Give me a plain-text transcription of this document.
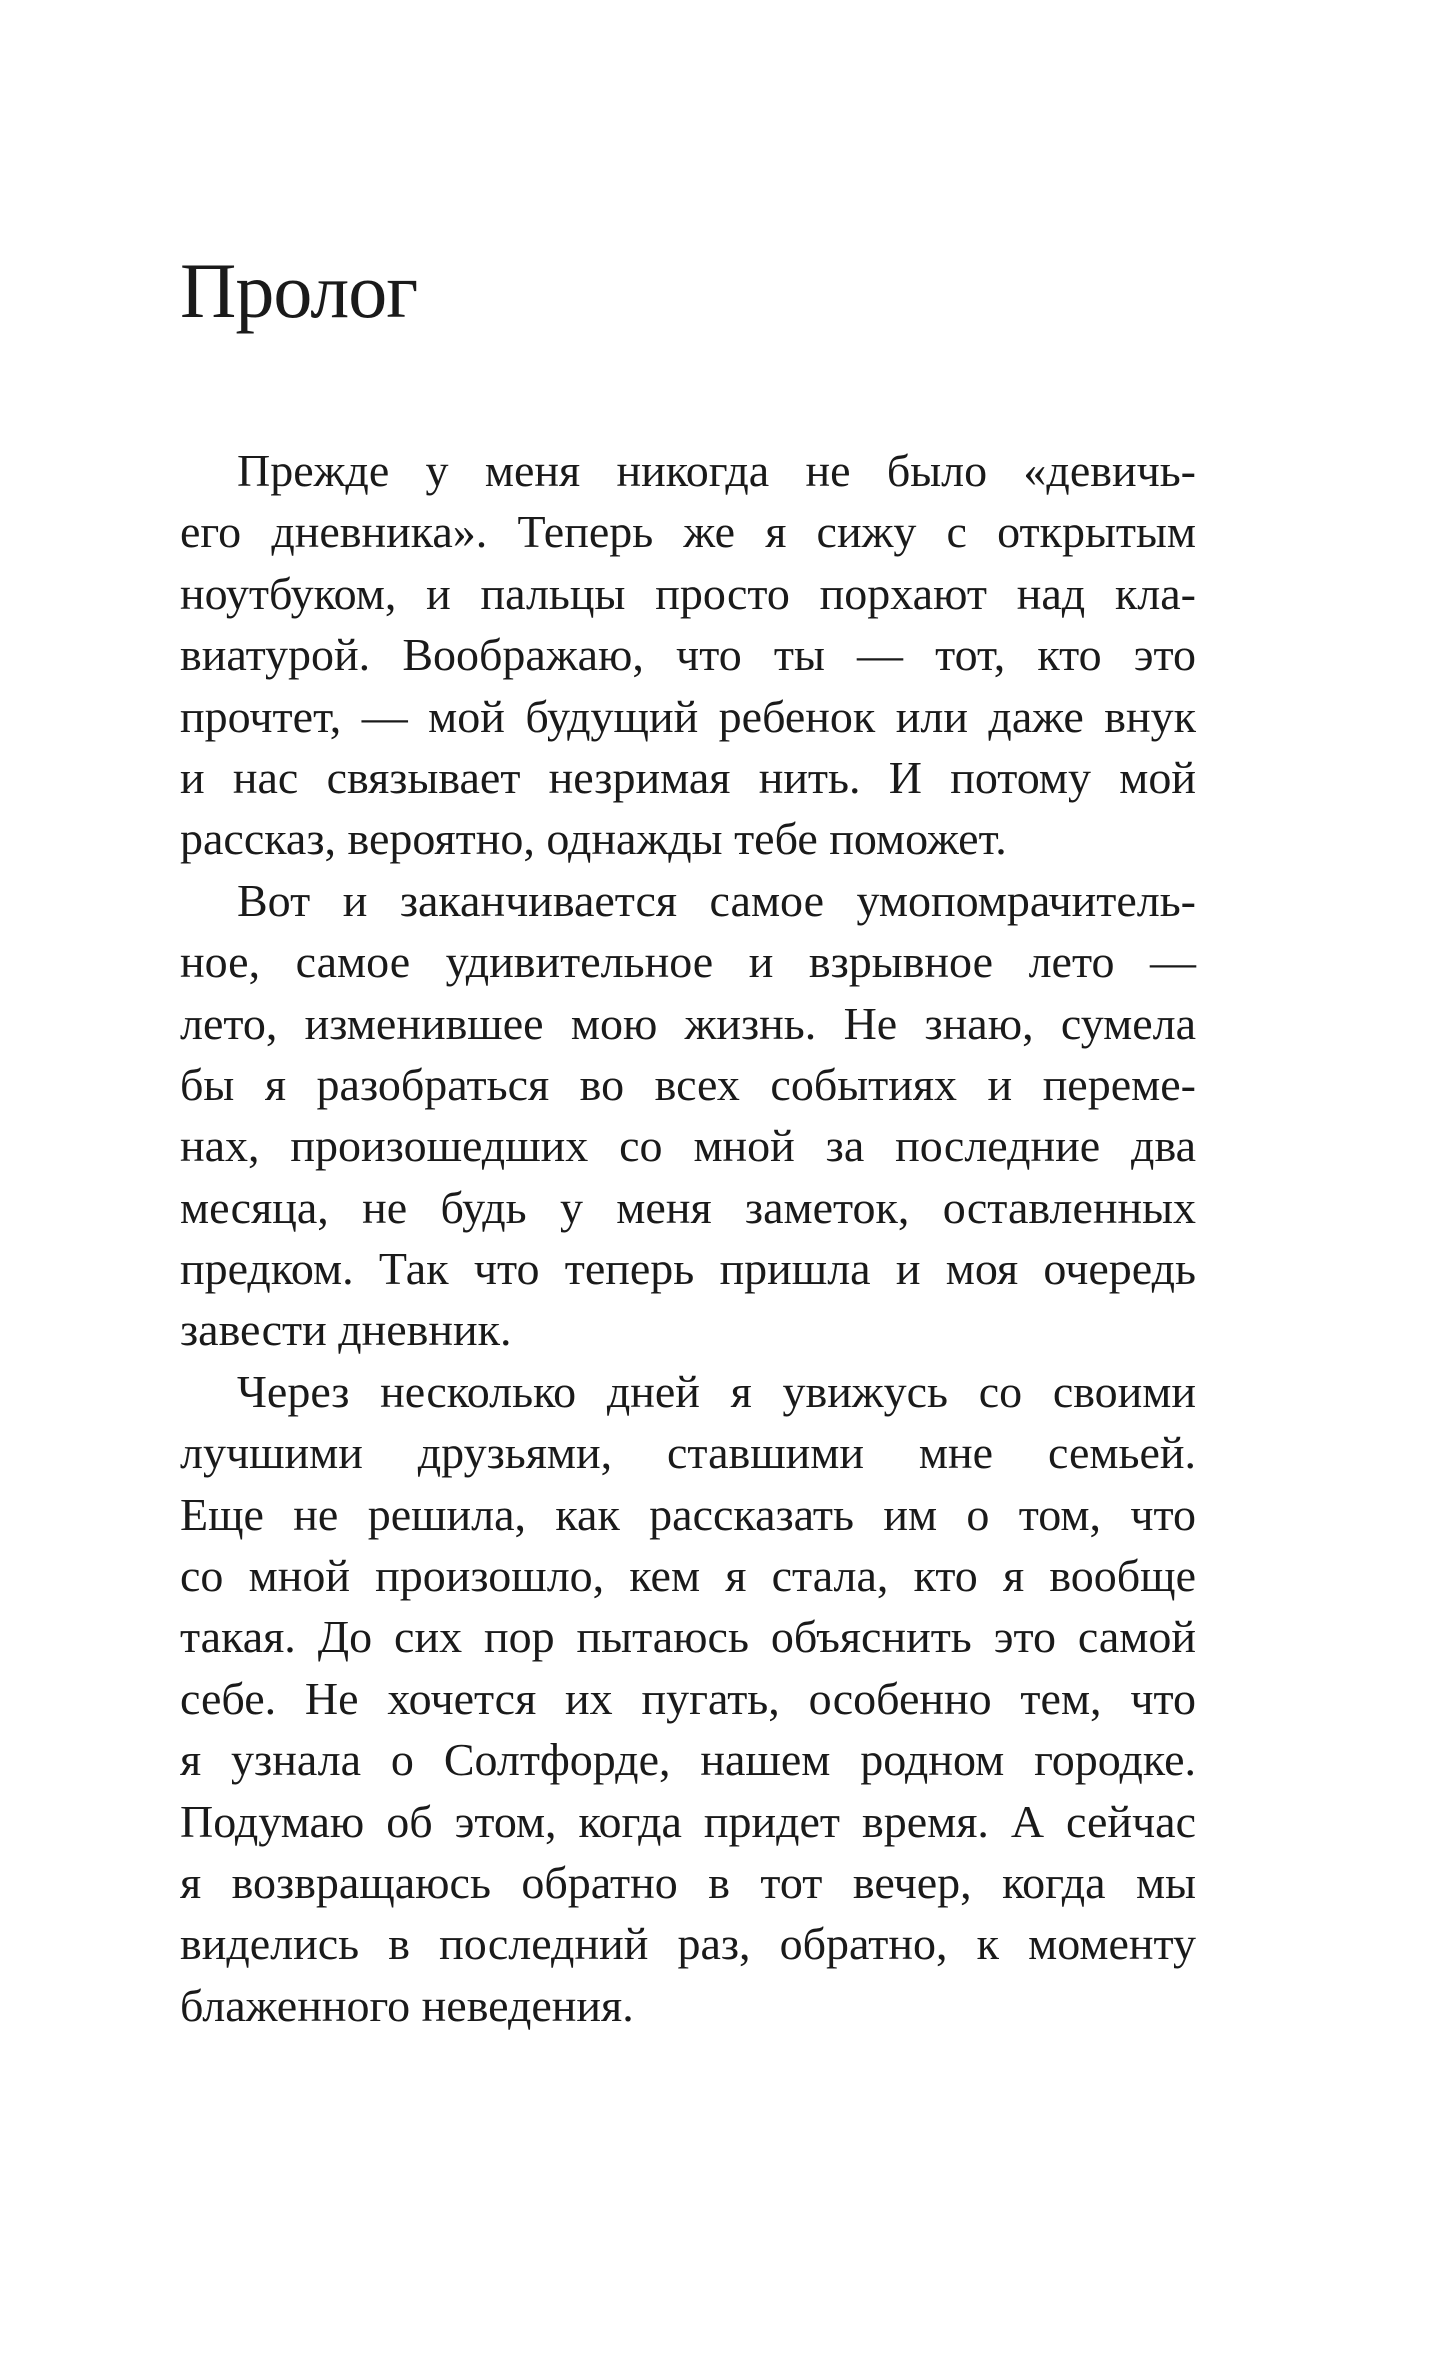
Пролог

Прежде у меня никогда не было «девичь-
его дневника». Теперь же я сижу с открытым
ноутбуком, и пальцы просто порхают над кла-
виатурой. Воображаю, что ты — тот, кто это
прочтет, — мой будущий ребенок или даже внук
и нас связывает незримая нить. И потому мой
рассказ, вероятно, однажды тебе поможет.

Вот и заканчивается самое умопомрачитель-
ное, самое удивительное и взрывное лето —
лето, изменившее мою жизнь. Не знаю, сумела
бы я разобраться во всех событиях и переме-
нах, произошедших со мной за последние два
месяца, не будь у меня заметок, оставленных
предком. Так что теперь пришла и моя очередь
завести дневник.

Через несколько дней я увижусь со своими
лучшими друзьями, ставшими мне семьей.
Еще не решила, как рассказать им о том, что
со мной произошло, кем я стала, кто я вообще
такая. До сих пор пытаюсь объяснить это самой
себе. Не хочется их пугать, особенно тем, что
я узнала о Солтфорде, нашем родном городке.
Подумаю об этом, когда придет время. А сейчас
я возвращаюсь обратно в тот вечер, когда мы
виделись в последний раз, обратно, к моменту
блаженного неведения.
